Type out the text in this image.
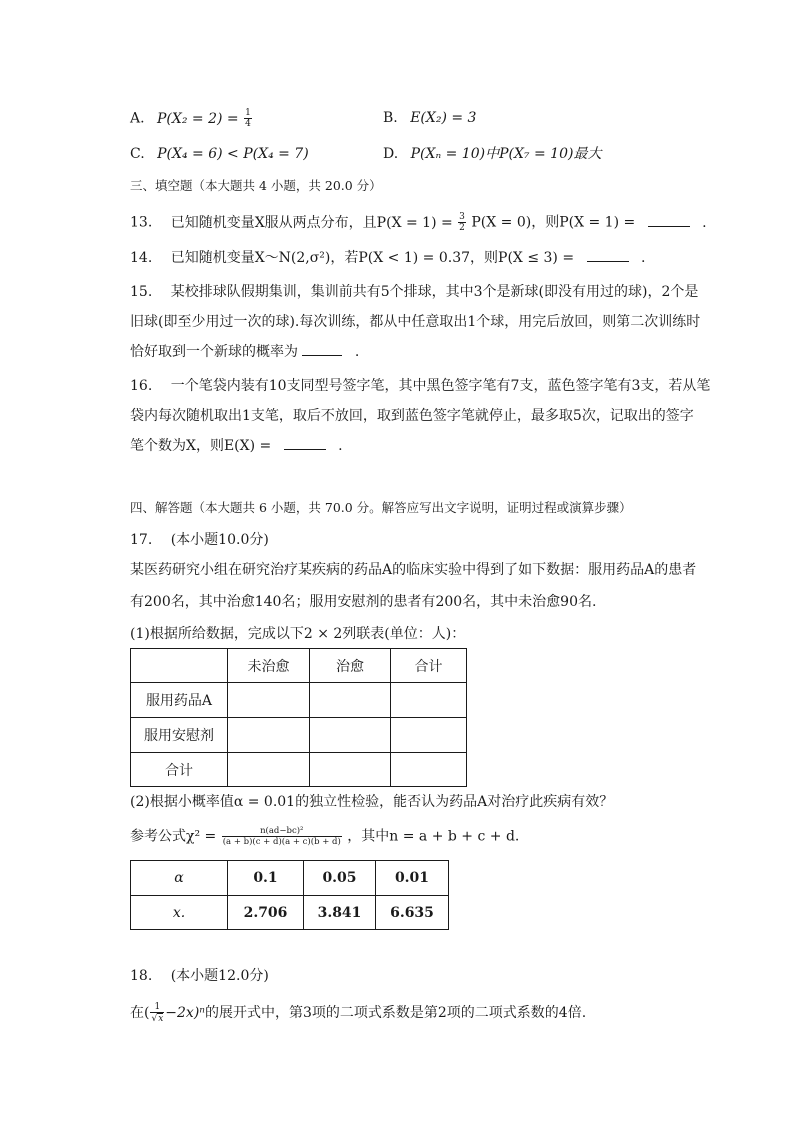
A. $P(X_2 = 2) = \frac{1}{4}$	B. E(X₂) = 3
C. P(X₄ = 6) < P(X₄ = 7)	D. P(Xₙ = 10)中P(X₇ = 10)最大
三、填空题（本大题共 4 小题，共 20.0 分）
13. 已知随机变量X服从两点分布，且$P(X = 1) = \frac{3}{2} P(X = 0)$，则P(X = 1) =	.
14. 已知随机变量X～N(2,σ²)，若P(X < 1) = 0.37，则P(X ≤ 3) =	.
15. 某校排球队假期集训，集训前共有5个排球，其中3个是新球(即没有用过的球)，2个是
旧球(即至少用过一次的球).每次训练，都从中任意取出1个球，用完后放回，则第二次训练时
恰好取到一个新球的概率为	.
16. 一个笔袋内装有10支同型号签字笔，其中黑色签字笔有7支，蓝色签字笔有3支，若从笔
袋内每次随机取出1支笔，取后不放回，取到蓝色签字笔就停止，最多取5次，记取出的签字
笔个数为X，则E(X) =	.
四、解答题（本大题共 6 小题，共 70.0 分。解答应写出文字说明，证明过程或演算步骤）
17. (本小题10.0分)
某医药研究小组在研究治疗某疾病的药品A的临床实验中得到了如下数据：服用药品A的患者
有200名，其中治愈140名；服用安慰剂的患者有200名，其中未治愈90名.
(1)根据所给数据，完成以下2 × 2列联表(单位：人)：
	未治愈	治愈	合计
服用药品A			
服用安慰剂			
合计			
(2)根据小概率值α = 0.01的独立性检验，能否认为药品A对治疗此疾病有效？
参考公式$\chi^2 = \frac{\text{n(ad−bc)²}}{(a + b)(c + d)(a + c)(b + d)}$ ，其中n = a + b + c + d.
α	0.1	0.05	0.01
x.	2.706	3.841	6.635
18. (本小题12.0分)
在( $\frac{1}{√x} -2x)^n$的展开式中，第3项的二项式系数是第2项的二项式系数的4倍.
